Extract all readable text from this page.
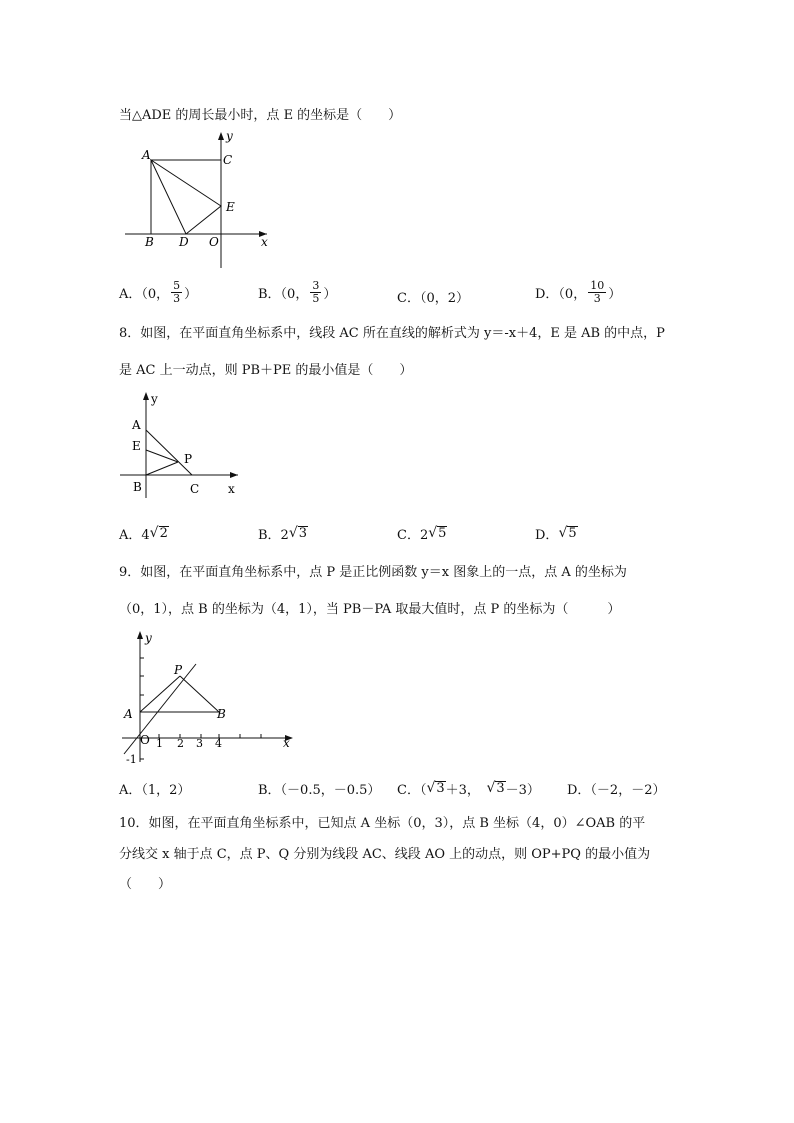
当△ADE 的周长最小时，点 E 的坐标是（　　）
y
A	C
E
B D O	x
A．（0， $\frac{5}{3}$ ）	B．（0， $\frac{3}{5}$ ）	C．（0，2）	D．（0， $\frac{10}{3}$ ）
8．如图，在平面直角坐标系中，线段 AC 所在直线的解析式为 y＝-x＋4，E 是 AB 的中点，P
是 AC 上一动点，则 PB＋PE 的最小值是（　　）
y
A
E
P
B	C x
A．4 √ 2	B．2 √ 3	C．2 √ 5	D． √ 5
9．如图，在平面直角坐标系中，点 P 是正比例函数 y＝x 图象上的一点，点 A 的坐标为
（0，1），点 B 的坐标为（4，1），当 PB－PA 取最大值时，点 P 的坐标为（　　　）
y
P
A	B
O 1 2 3 4	x
-1
A．（1，2）	B．（－0.5，－0.5） C．（ √ 3 ＋3，　 √ 3 －3） D．（－2，－2）
10．如图，在平面直角坐标系中，已知点 A 坐标（0，3），点 B 坐标（4，0）∠OAB 的平
分线交 x 轴于点 C，点 P、Q 分别为线段 AC、线段 AO 上的动点，则 OP+PQ 的最小值为
（　　）
